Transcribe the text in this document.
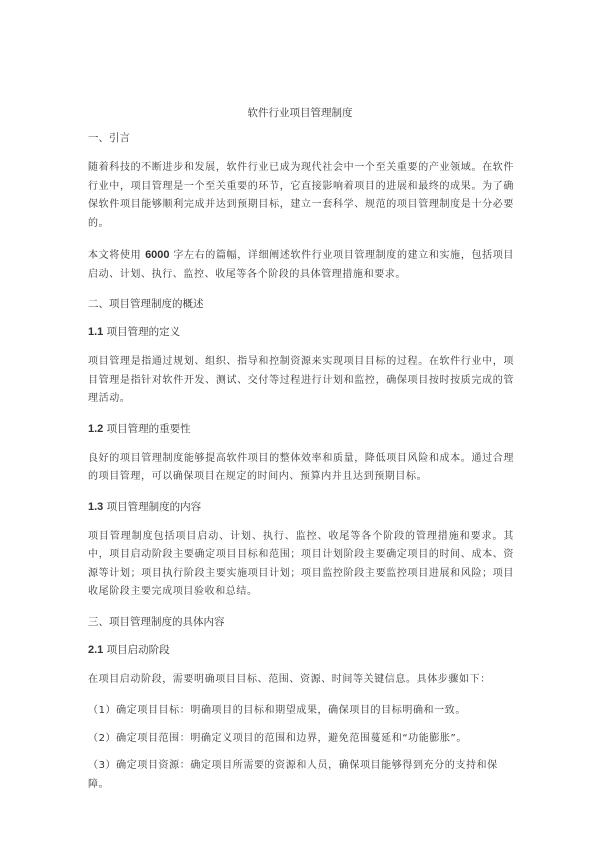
软件行业项目管理制度

一、引言

随着科技的不断进步和发展，软件行业已成为现代社会中一个至关重要的产业领域。在软件行业中，项目管理是一个至关重要的环节，它直接影响着项目的进展和最终的成果。为了确保软件项目能够顺利完成并达到预期目标，建立一套科学、规范的项目管理制度是十分必要的。

本文将使用 6000 字左右的篇幅，详细阐述软件行业项目管理制度的建立和实施，包括项目启动、计划、执行、监控、收尾等各个阶段的具体管理措施和要求。

二、项目管理制度的概述

1.1 项目管理的定义

项目管理是指通过规划、组织、指导和控制资源来实现项目目标的过程。在软件行业中，项目管理是指针对软件开发、测试、交付等过程进行计划和监控，确保项目按时按质完成的管理活动。

1.2 项目管理的重要性

良好的项目管理制度能够提高软件项目的整体效率和质量，降低项目风险和成本。通过合理的项目管理，可以确保项目在规定的时间内、预算内并且达到预期目标。

1.3 项目管理制度的内容

项目管理制度包括项目启动、计划、执行、监控、收尾等各个阶段的管理措施和要求。其中，项目启动阶段主要确定项目目标和范围；项目计划阶段主要确定项目的时间、成本、资源等计划；项目执行阶段主要实施项目计划；项目监控阶段主要监控项目进展和风险；项目收尾阶段主要完成项目验收和总结。

三、项目管理制度的具体内容

2.1 项目启动阶段

在项目启动阶段，需要明确项目目标、范围、资源、时间等关键信息。具体步骤如下：

（1）确定项目目标：明确项目的目标和期望成果，确保项目的目标明确和一致。

（2）确定项目范围：明确定义项目的范围和边界，避免范围蔓延和“功能膨胀”。

（3）确定项目资源：确定项目所需要的资源和人员，确保项目能够得到充分的支持和保障。
